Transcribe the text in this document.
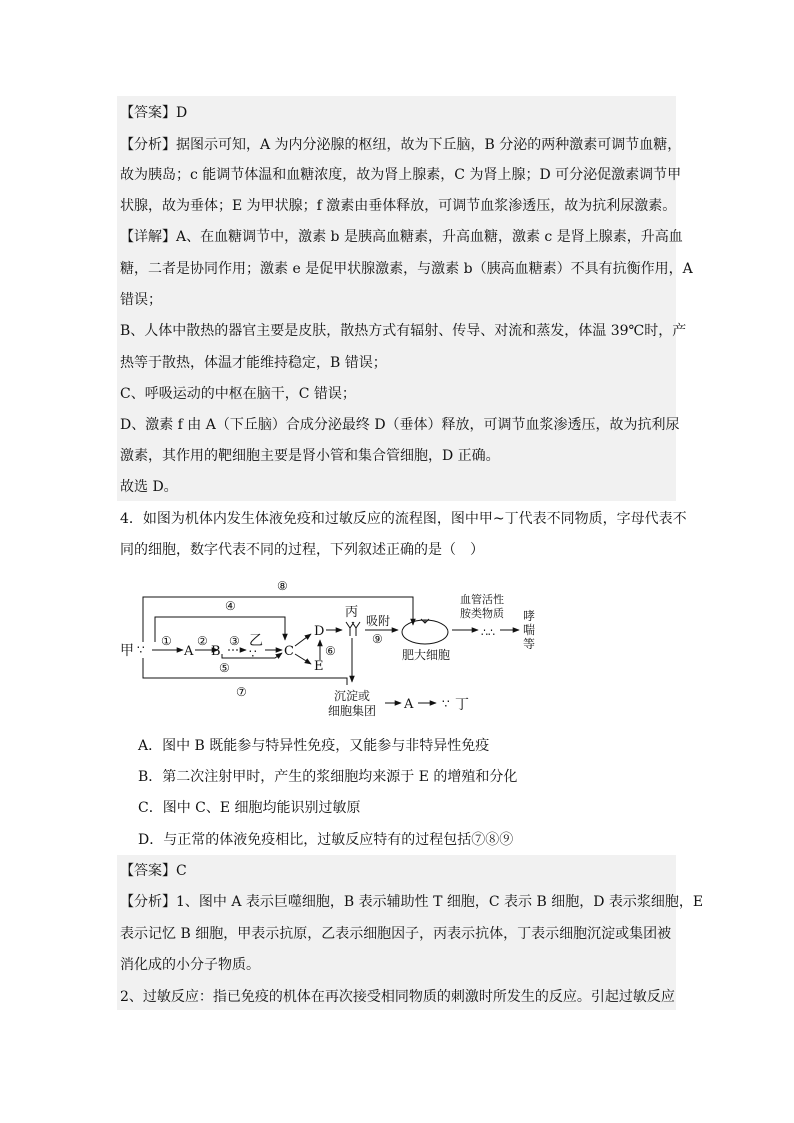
【答案】D
【分析】据图示可知，A 为内分泌腺的枢纽，故为下丘脑，B 分泌的两种激素可调节血糖，
故为胰岛；c 能调节体温和血糖浓度，故为肾上腺素，C 为肾上腺；D 可分泌促激素调节甲
状腺，故为垂体；E 为甲状腺；f 激素由垂体释放，可调节血浆渗透压，故为抗利尿激素。
【详解】A、在血糖调节中，激素 b 是胰高血糖素，升高血糖，激素 c 是肾上腺素，升高血
糖，二者是协同作用；激素 e 是促甲状腺激素，与激素 b（胰高血糖素）不具有抗衡作用，A
错误；
B、人体中散热的器官主要是皮肤，散热方式有辐射、传导、对流和蒸发，体温 39℃时，产
热等于散热，体温才能维持稳定，B 错误；
C、呼吸运动的中枢在脑干，C 错误；
D、激素 f 由 A（下丘脑）合成分泌最终 D（垂体）释放，可调节血浆渗透压，故为抗利尿
激素，其作用的靶细胞主要是肾小管和集合管细胞，D 正确。
故选 D。
4．如图为机体内发生体液免疫和过敏反应的流程图，图中甲~丁代表不同物质，字母代表不
同的细胞，数字代表不同的过程，下列叙述正确的是（　）
甲 ∵
①
A
②
B
③ 乙
∵
⑤
C
D
E
⑥
④
⑧
⑦
丙
吸附
⑨
肥大细胞
血管活性
胺类物质
∴∴
哮
喘
等
沉淀或
细胞集团 A ∵ 丁
A．图中 B 既能参与特异性免疫，又能参与非特异性免疫
B．第二次注射甲时，产生的浆细胞均来源于 E 的增殖和分化
C．图中 C、E 细胞均能识别过敏原
D．与正常的体液免疫相比，过敏反应特有的过程包括⑦⑧⑨
【答案】C
【分析】1、图中 A 表示巨噬细胞，B 表示辅助性 T 细胞，C 表示 B 细胞，D 表示浆细胞，E
表示记忆 B 细胞，甲表示抗原，乙表示细胞因子，丙表示抗体，丁表示细胞沉淀或集团被
消化成的小分子物质。
2、过敏反应：指已免疫的机体在再次接受相同物质的刺激时所发生的反应。引起过敏反应
